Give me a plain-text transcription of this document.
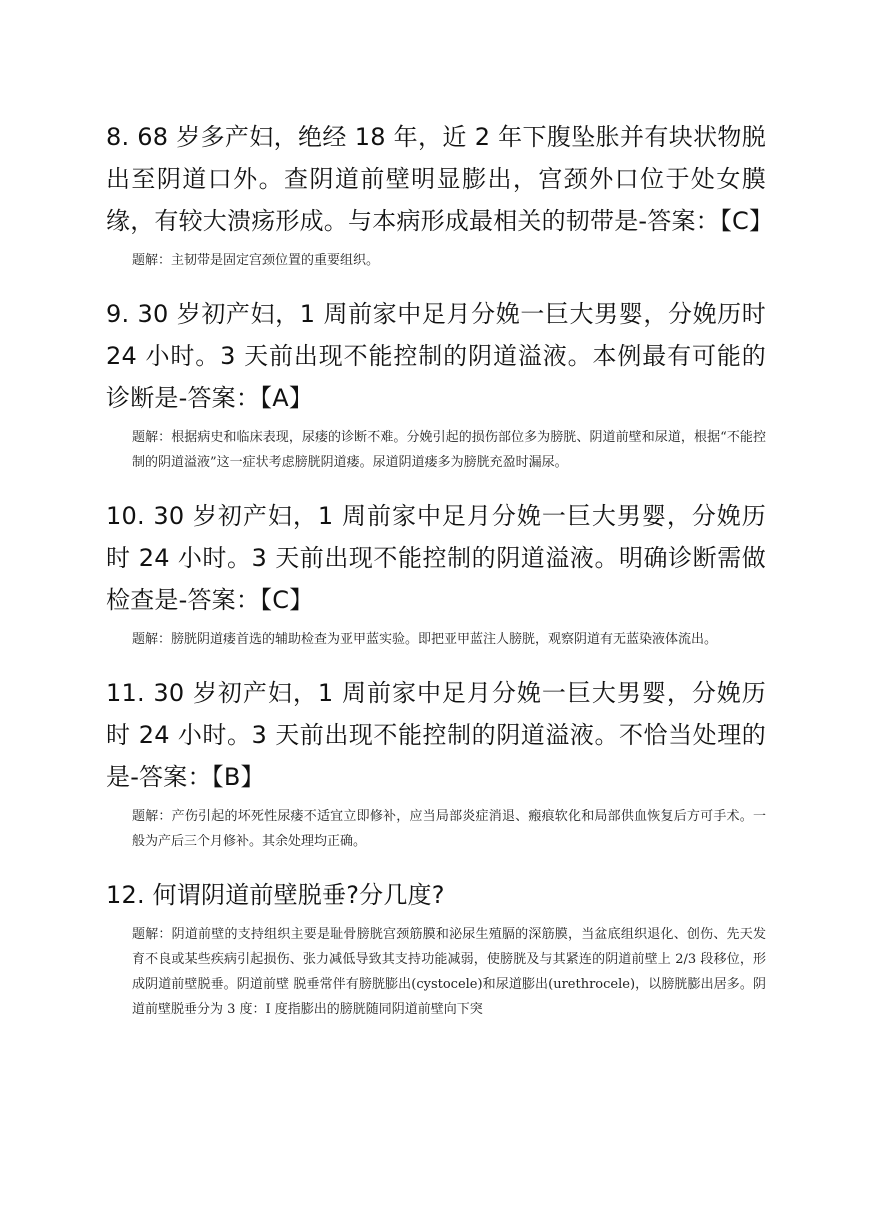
8. 68 岁多产妇，绝经 18 年，近 2 年下腹坠胀并有块状物脱出至阴道口外。查阴道前壁明显膨出，宫颈外口位于处女膜缘，有较大溃疡形成。与本病形成最相关的韧带是-答案：【C】

题解：主韧带是固定宫颈位置的重要组织。

9. 30 岁初产妇，1 周前家中足月分娩一巨大男婴，分娩历时 24 小时。3 天前出现不能控制的阴道溢液。本例最有可能的诊断是-答案：【A】

题解：根据病史和临床表现，尿瘘的诊断不难。分娩引起的损伤部位多为膀胱、阴道前壁和尿道，根据“不能控制的阴道溢液”这一症状考虑膀胱阴道瘘。尿道阴道瘘多为膀胱充盈时漏尿。

10. 30 岁初产妇，1 周前家中足月分娩一巨大男婴，分娩历时 24 小时。3 天前出现不能控制的阴道溢液。明确诊断需做检查是-答案：【C】

题解：膀胱阴道瘘首选的辅助检查为亚甲蓝实验。即把亚甲蓝注人膀胱，观察阴道有无蓝染液体流出。

11. 30 岁初产妇，1 周前家中足月分娩一巨大男婴，分娩历时 24 小时。3 天前出现不能控制的阴道溢液。不恰当处理的是-答案：【B】

题解：产伤引起的坏死性尿瘘不适宜立即修补，应当局部炎症消退、瘢痕软化和局部供血恢复后方可手术。一般为产后三个月修补。其余处理均正确。

12. 何谓阴道前壁脱垂?分几度?

题解：阴道前壁的支持组织主要是耻骨膀胱宫颈筋膜和泌尿生殖膈的深筋膜，当盆底组织退化、创伤、先天发育不良或某些疾病引起损伤、张力减低导致其支持功能减弱，使膀胱及与其紧连的阴道前壁上 2/3 段移位，形成阴道前壁脱垂。阴道前壁 脱垂常伴有膀胱膨出(cystocele)和尿道膨出(urethrocele)，以膀胱膨出居多。阴道前壁脱垂分为 3 度：I 度指膨出的膀胱随同阴道前壁向下突
